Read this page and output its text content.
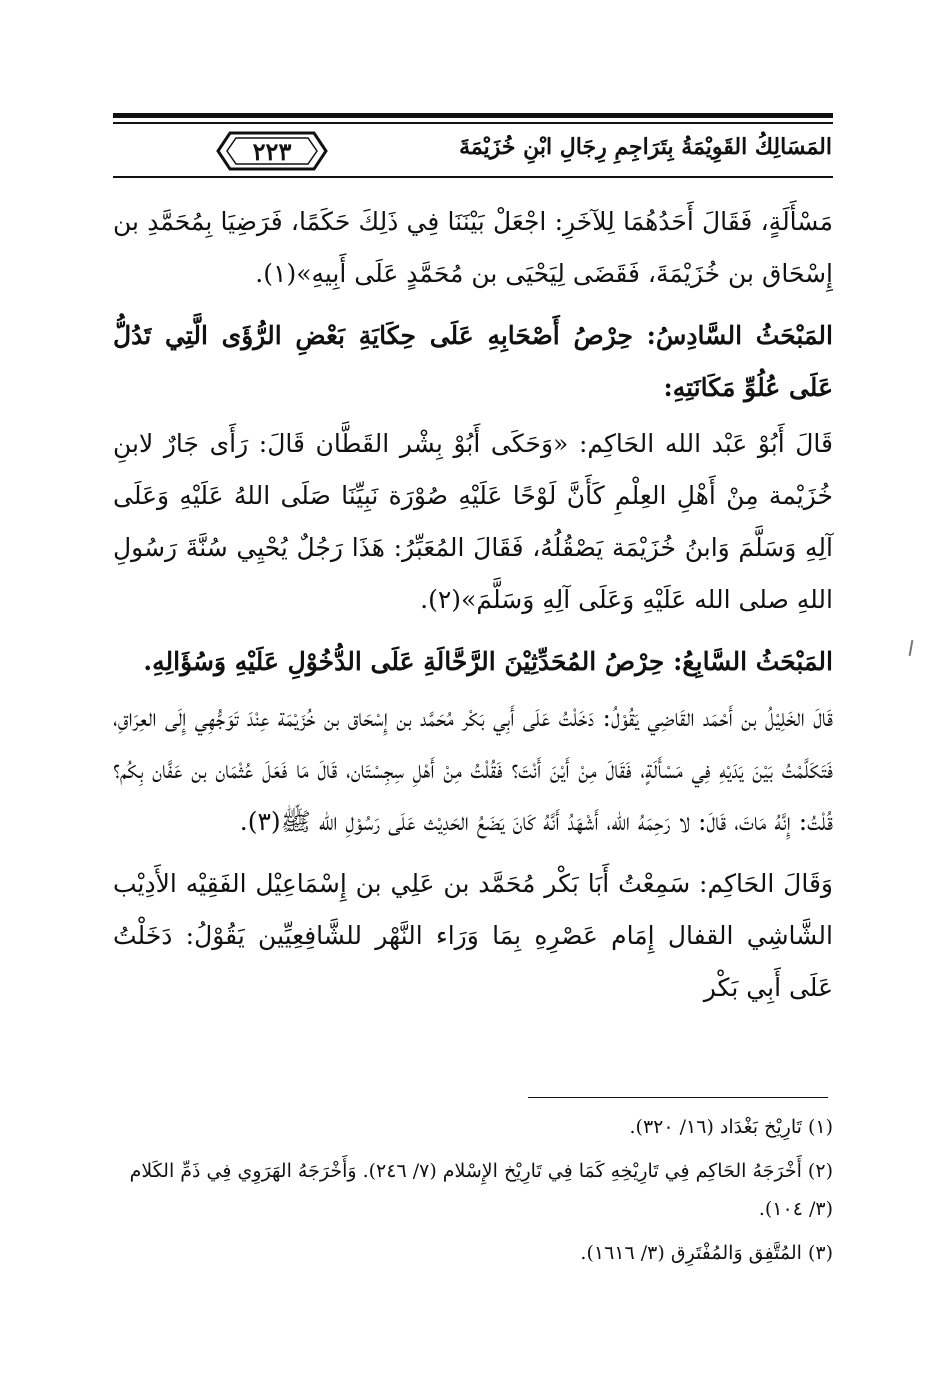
٢٢٣	المَسَالِكُ القَوِيْمَةُ بِتَرَاجِمِ رِجَالِ ابْنِ خُزَيْمَةَ

مَسْأَلَةٍ، فَقَالَ أَحَدُهُمَا لِلآخَرِ: اجْعَلْ بَيْنَنَا فِي ذَلِكَ حَكَمًا، فَرَضِيَا بِمُحَمَّدِ بن إِسْحَاق بن خُزَيْمَةَ، فَقَضَى لِيَحْيَى بن مُحَمَّدٍ عَلَى أَبِيهِ»(١).

المَبْحَثُ السَّادِسُ: حِرْصُ أَصْحَابِهِ عَلَى حِكَايَةِ بَعْضِ الرُّؤَى الَّتِي تَدُلُّ عَلَى عُلُوِّ مَكَانَتِهِ:

قَالَ أَبُوْ عَبْد الله الحَاكِم: «وَحَكَى أَبُوْ بِشْر القَطَّان قَالَ: رَأَى جَارٌ لابنِ خُزَيْمة مِنْ أَهْلِ العِلْمِ كَأَنَّ لَوْحًا عَلَيْهِ صُوْرَة نَبِيِّنَا صَلَى اللهُ عَلَيْهِ وَعَلَى آلِهِ وَسَلَّمَ وَابنُ خُزَيْمَة يَصْقُلُهُ، فَقَالَ المُعَبِّرُ: هَذَا رَجُلٌ يُحْيِي سُنَّةَ رَسُولِ اللهِ صلى الله عَلَيْهِ وَعَلَى آلِهِ وَسَلَّمَ»(٢).

المَبْحَثُ السَّابِعُ: حِرْصُ المُحَدِّثِيْنَ الرَّحَّالَةِ عَلَى الدُّخُوْلِ عَلَيْهِ وَسُؤَالِهِ.

قَالَ الخَلِيْلُ بن أَحْمَد القَاضِي يَقُوْلُ: دَخَلْتُ عَلَى أَبِي بَكْر مُحَمَّد بن إِسْحَاق بن خُزَيْمَة عِنْدَ تَوَجُّهِي إِلَى العِرَاقِ، فَتَكَلَّمْتُ بَيْنَ يَدَيْهِ فِي مَسْأَلَةٍ، فَقَالَ مِنْ أَيْنَ أَنْتَ؟ فَقُلْتُ مِنْ أَهْلِ سِجِسْتَان، قَالَ مَا فَعَلَ عُثْمَان بن عَفَّان بِكُم؟ قُلْتُ: إِنَّهُ مَاتَ، قَالَ: لا رَحِمَهُ الله، أَشْهَدُ أَنَّهُ كَانَ يَضَعُ الحَدِيْث عَلَى رَسُوْلِ الله ﷺ(٣).

وَقَالَ الحَاكِم: سَمِعْتُ أَبَا بَكْر مُحَمَّد بن عَلِي بن إِسْمَاعِيْل الفَقِيْه الأَدِيْب الشَّاشِي القفال إِمَام عَصْرِهِ بِمَا وَرَاء النَّهْر للشَّافِعِيِّين يَقُوْلُ: دَخَلْتُ عَلَى أَبِي بَكْر

(١) تَارِيْخ بَغْدَاد (١٦/ ٣٢٠).

(٢) أَخْرَجَهُ الحَاكِم فِي تَارِيْخِهِ كَمَا فِي تَارِيْخ الإِسْلام (٧/ ٢٤٦). وَأَخْرَجَهُ الهَرَوِي فِي ذَمِّ الكَلام (٣/ ١٠٤).

(٣) المُتَّفِق وَالمُفْتَرِق (٣/ ١٦١٦).
